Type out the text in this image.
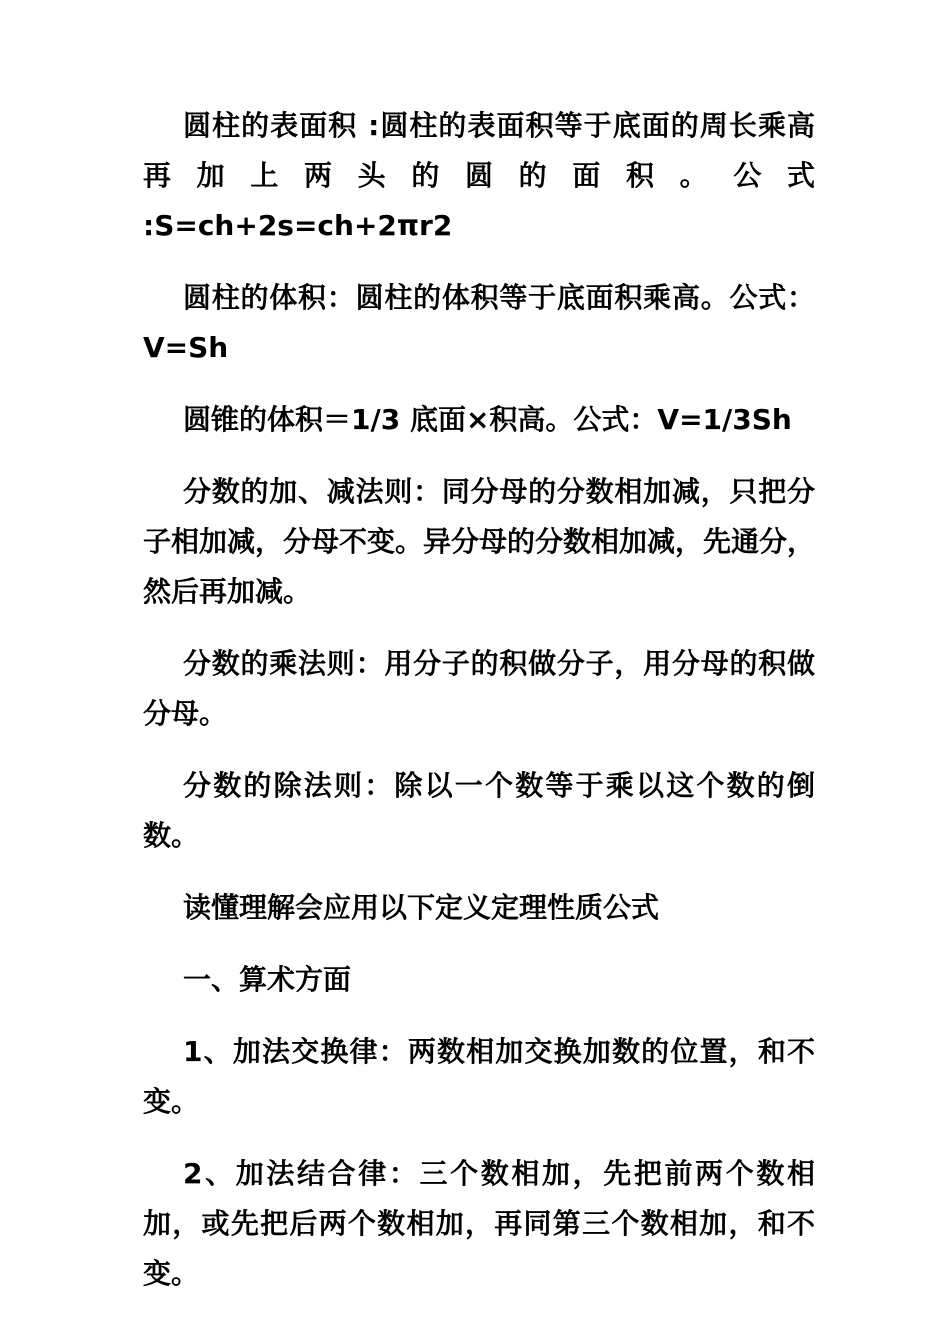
圆柱的表面积 :圆柱的表面积等于底面的周长乘高再加上两头的圆的面积。公式 :S=ch+2s=ch+2πr2

圆柱的体积：圆柱的体积等于底面积乘高。公式：V=Sh

圆锥的体积＝1/3 底面×积高。公式：V=1/3Sh

分数的加、减法则：同分母的分数相加减，只把分子相加减，分母不变。异分母的分数相加减，先通分，然后再加减。

分数的乘法则：用分子的积做分子，用分母的积做分母。

分数的除法则：除以一个数等于乘以这个数的倒数。

读懂理解会应用以下定义定理性质公式

一、算术方面

1、加法交换律：两数相加交换加数的位置，和不变。

2、加法结合律：三个数相加，先把前两个数相加，或先把后两个数相加，再同第三个数相加，和不变。
